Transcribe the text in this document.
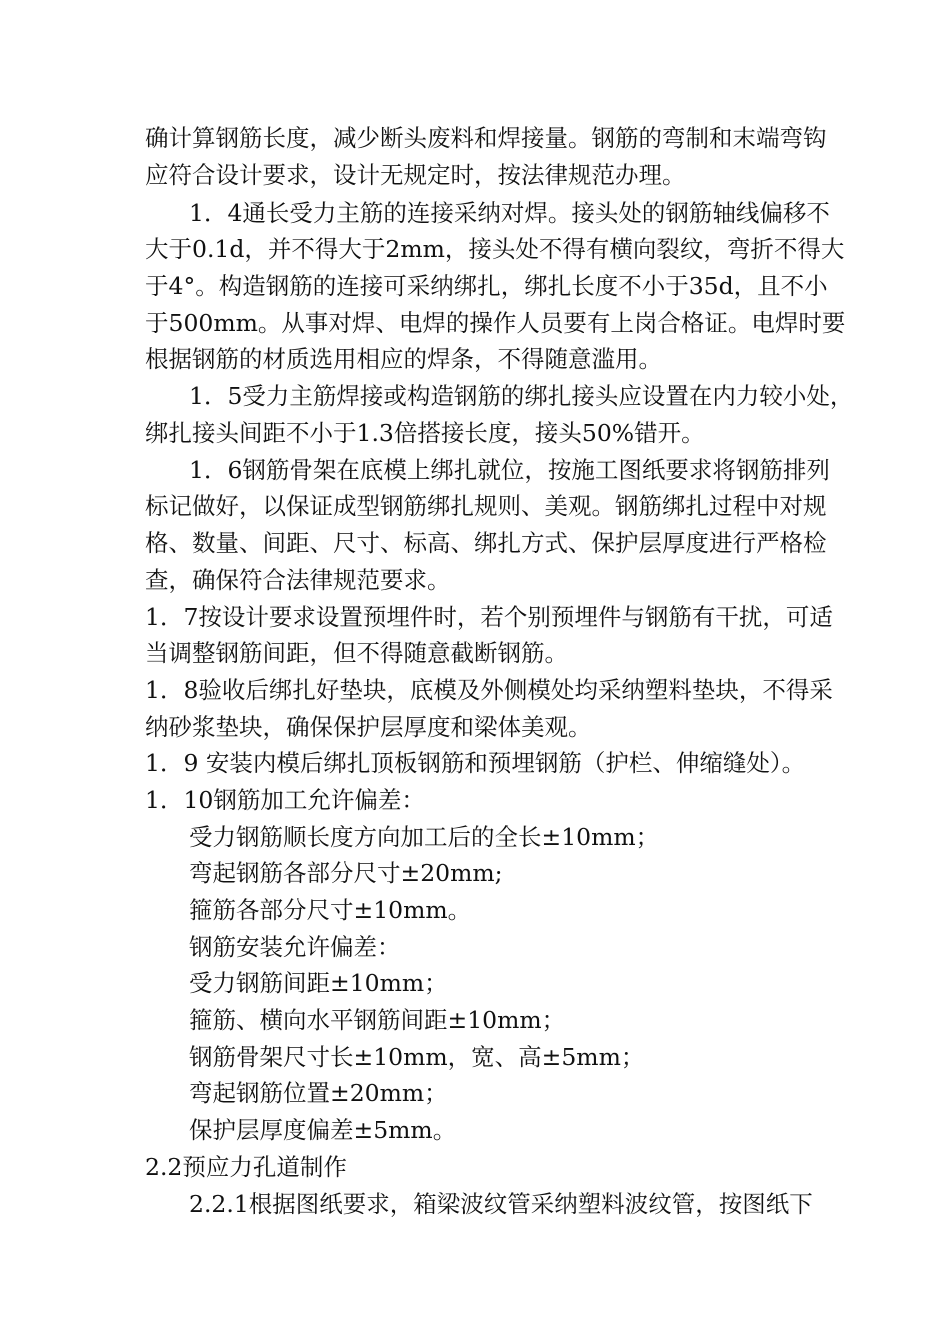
确计算钢筋长度，减少断头废料和焊接量。钢筋的弯制和末端弯钩
应符合设计要求，设计无规定时，按法律规范办理。
1．4通长受力主筋的连接采纳对焊。接头处的钢筋轴线偏移不
大于0.1d，并不得大于2mm，接头处不得有横向裂纹，弯折不得大
于4°。构造钢筋的连接可采纳绑扎，绑扎长度不小于35d，且不小
于500mm。从事对焊、电焊的操作人员要有上岗合格证。电焊时要
根据钢筋的材质选用相应的焊条，不得随意滥用。
1．5受力主筋焊接或构造钢筋的绑扎接头应设置在内力较小处，
绑扎接头间距不小于1.3倍搭接长度，接头50%错开。
1．6钢筋骨架在底模上绑扎就位，按施工图纸要求将钢筋排列
标记做好，以保证成型钢筋绑扎规则、美观。钢筋绑扎过程中对规
格、数量、间距、尺寸、标高、绑扎方式、保护层厚度进行严格检
查，确保符合法律规范要求。
1．7按设计要求设置预埋件时，若个别预埋件与钢筋有干扰，可适
当调整钢筋间距，但不得随意截断钢筋。
1．8验收后绑扎好垫块，底模及外侧模处均采纳塑料垫块，不得采
纳砂浆垫块，确保保护层厚度和梁体美观。
1．9 安装内模后绑扎顶板钢筋和预埋钢筋（护栏、伸缩缝处）。
1．10钢筋加工允许偏差：
受力钢筋顺长度方向加工后的全长±10mm；
弯起钢筋各部分尺寸±20mm;
箍筋各部分尺寸±10mm。
钢筋安装允许偏差：
受力钢筋间距±10mm；
箍筋、横向水平钢筋间距±10mm；
钢筋骨架尺寸长±10mm，宽、高±5mm；
弯起钢筋位置±20mm；
保护层厚度偏差±5mm。
2.2预应力孔道制作
2.2.1根据图纸要求，箱梁波纹管采纳塑料波纹管，按图纸下
